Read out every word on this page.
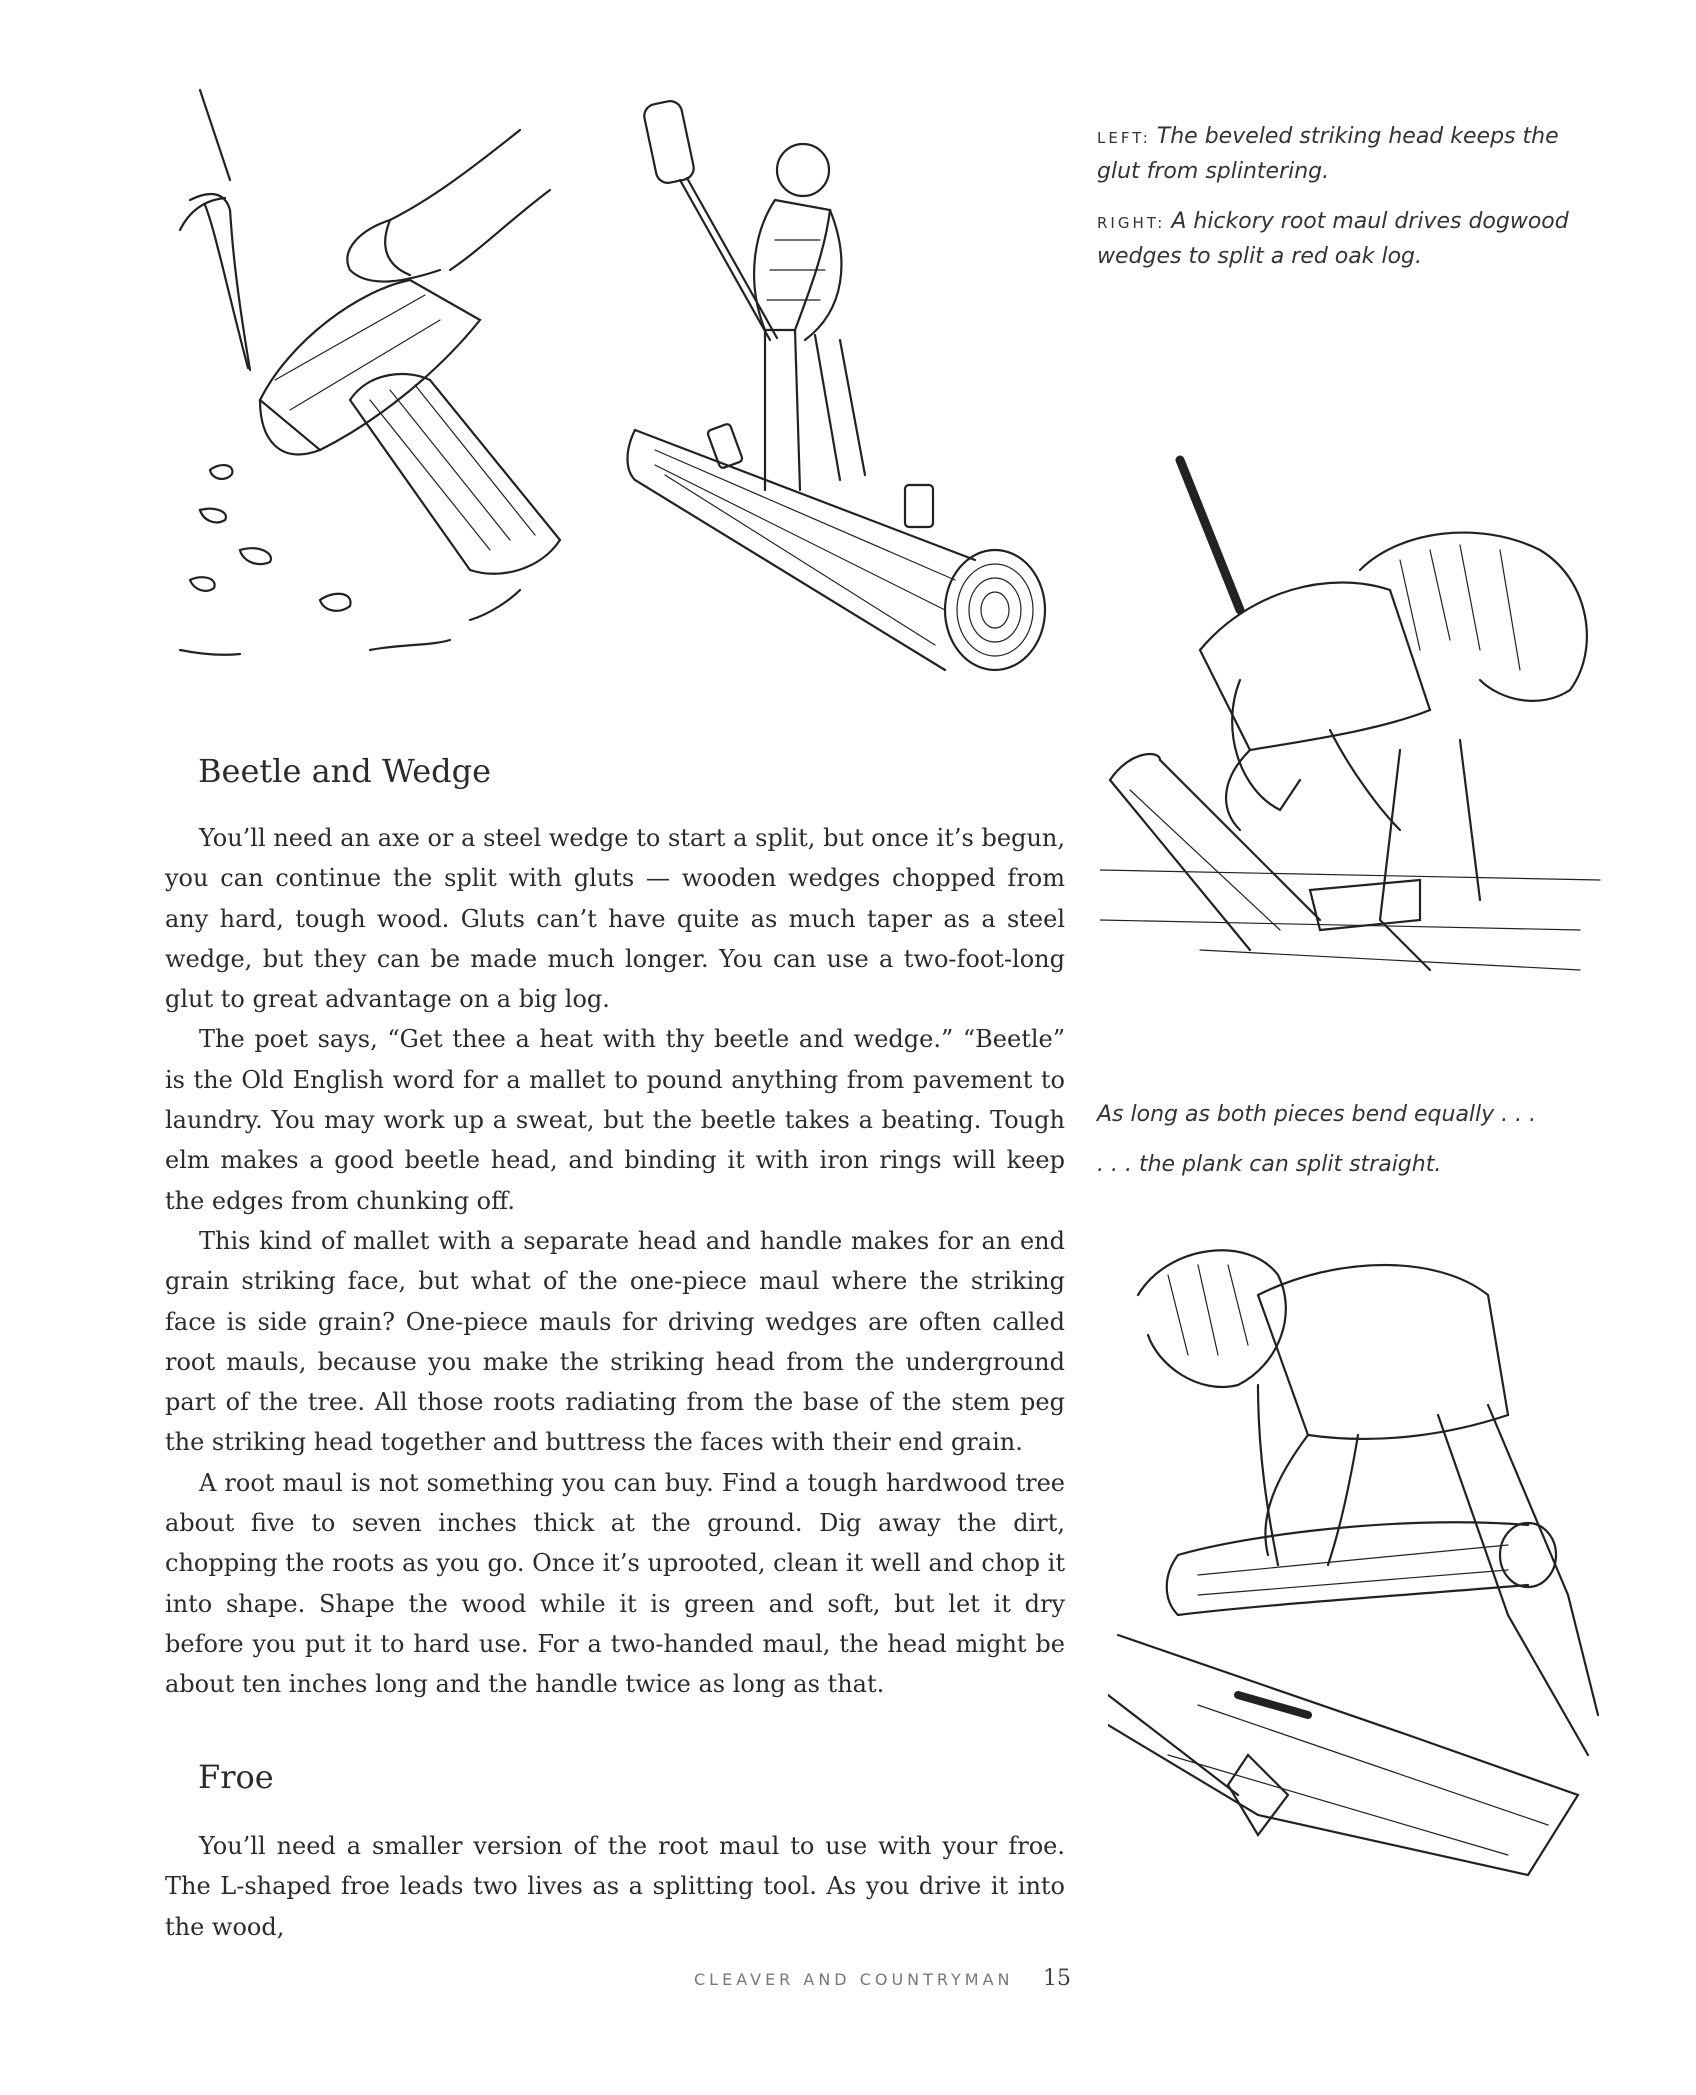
LEFT: The beveled striking head keeps the glut from splintering.
RIGHT: A hickory root maul drives dogwood wedges to split a red oak log.
As long as both pieces bend equally . . .
. . . the plank can split straight.
Beetle and Wedge

You’ll need an axe or a steel wedge to start a split, but once it’s begun, you can continue the split with gluts — wooden wedges chopped from any hard, tough wood. Gluts can’t have quite as much taper as a steel wedge, but they can be made much longer. You can use a two-foot-long glut to great advantage on a big log.

The poet says, “Get thee a heat with thy beetle and wedge.” “Beetle” is the Old English word for a mallet to pound anything from pavement to laundry. You may work up a sweat, but the beetle takes a beating. Tough elm makes a good beetle head, and binding it with iron rings will keep the edges from chunking off.

This kind of mallet with a separate head and handle makes for an end grain striking face, but what of the one-piece maul where the striking face is side grain? One-piece mauls for driving wedges are often called root mauls, because you make the striking head from the underground part of the tree. All those roots radiating from the base of the stem peg the striking head together and buttress the faces with their end grain.

A root maul is not something you can buy. Find a tough hardwood tree about five to seven inches thick at the ground. Dig away the dirt, chopping the roots as you go. Once it’s uprooted, clean it well and chop it into shape. Shape the wood while it is green and soft, but let it dry before you put it to hard use. For a two-handed maul, the head might be about ten inches long and the handle twice as long as that.

Froe

You’ll need a smaller version of the root maul to use with your froe. The L-shaped froe leads two lives as a splitting tool. As you drive it into the wood,

CLEAVER AND COUNTRYMAN 15
